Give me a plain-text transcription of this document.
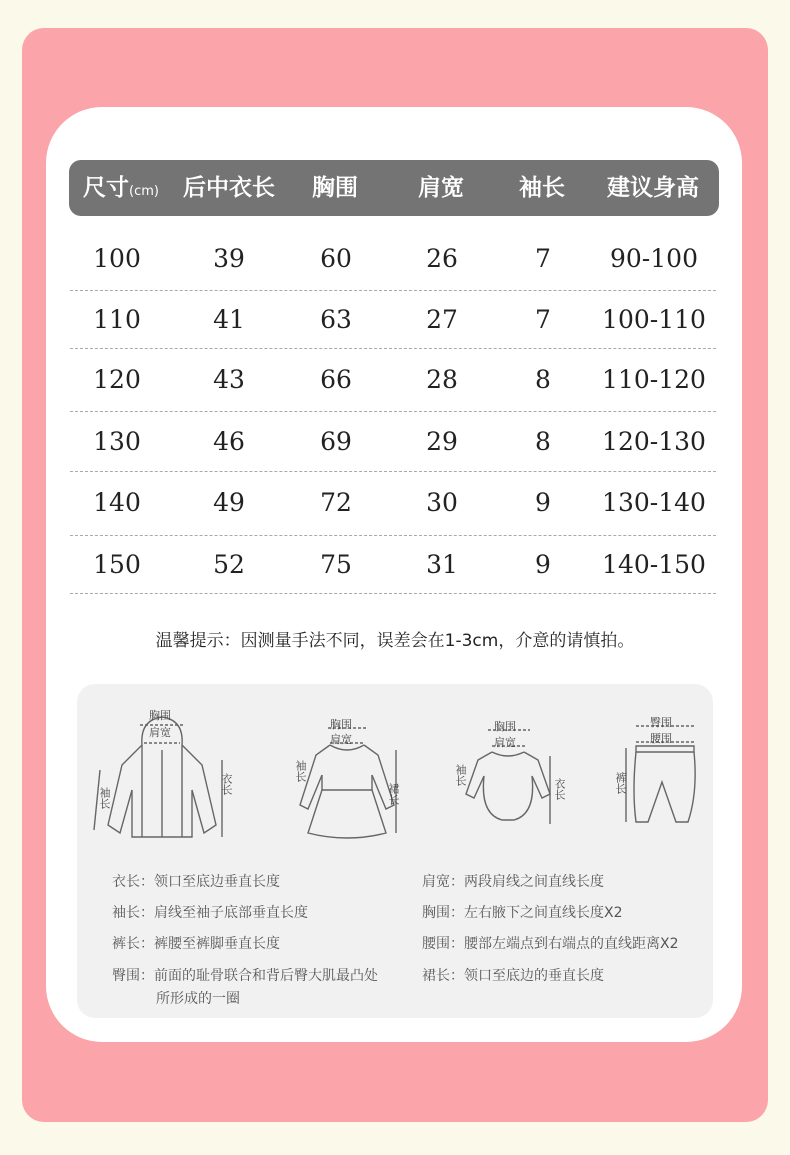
尺寸(cm)	后中衣长	胸围	肩宽	袖长	建议身高
100	39	60	26	7	90-100
110	41	63	27	7	100-110
120	43	66	28	8	110-120
130	46	69	29	8	120-130
140	49	72	30	9	130-140
150	52	75	31	9	140-150
温馨提示：因测量手法不同，误差会在1-3cm，介意的请慎拍。
胸围
肩宽
袖长
衣长
胸围
肩宽
袖长
裙长
胸围
肩宽
袖长
衣长
臀围
腰围
裤长
衣长：领口至底边垂直长度	肩宽：两段肩线之间直线长度
袖长：肩线至袖子底部垂直长度	胸围：左右腋下之间直线长度X2
裤长：裤腰至裤脚垂直长度	腰围：腰部左端点到右端点的直线距离X2
臀围：前面的耻骨联合和背后臀大肌最凸处	裙长：领口至底边的垂直长度
所形成的一圈
